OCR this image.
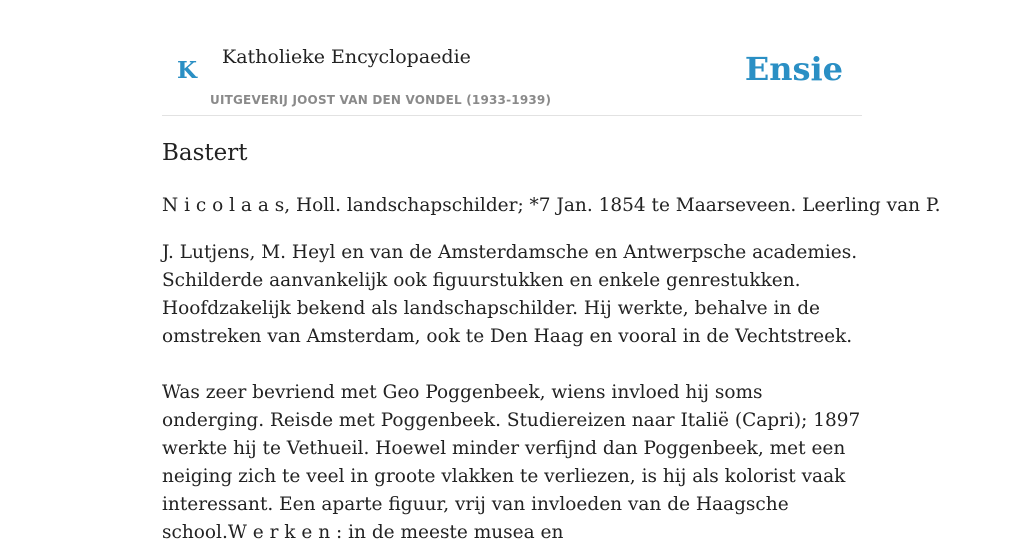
K Katholieke Encyclopaedie
UITGEVERIJ JOOST VAN DEN VONDEL (1933-1939)
Ensie
Bastert

N i c o l a a s, Holl. landschapschilder; *7 Jan. 1854 te Maarseveen. Leerling van P.

J. Lutjens, M. Heyl en van de Amsterdamsche en Antwerpsche academies. Schilderde aanvankelijk ook figuurstukken en enkele genrestukken. Hoofdzakelijk bekend als landschapschilder. Hij werkte, behalve in de omstreken van Amsterdam, ook te Den Haag en vooral in de Vechtstreek.

Was zeer bevriend met Geo Poggenbeek, wiens invloed hij soms onderging. Reisde met Poggenbeek. Studiereizen naar Italië (Capri); 1897 werkte hij te Vethueil. Hoewel minder verfijnd dan Poggenbeek, met een neiging zich te veel in groote vlakken te verliezen, is hij als kolorist vaak interessant. Een aparte figuur, vrij van invloeden van de Haagsche school.W e r k e n : in de meeste musea en
